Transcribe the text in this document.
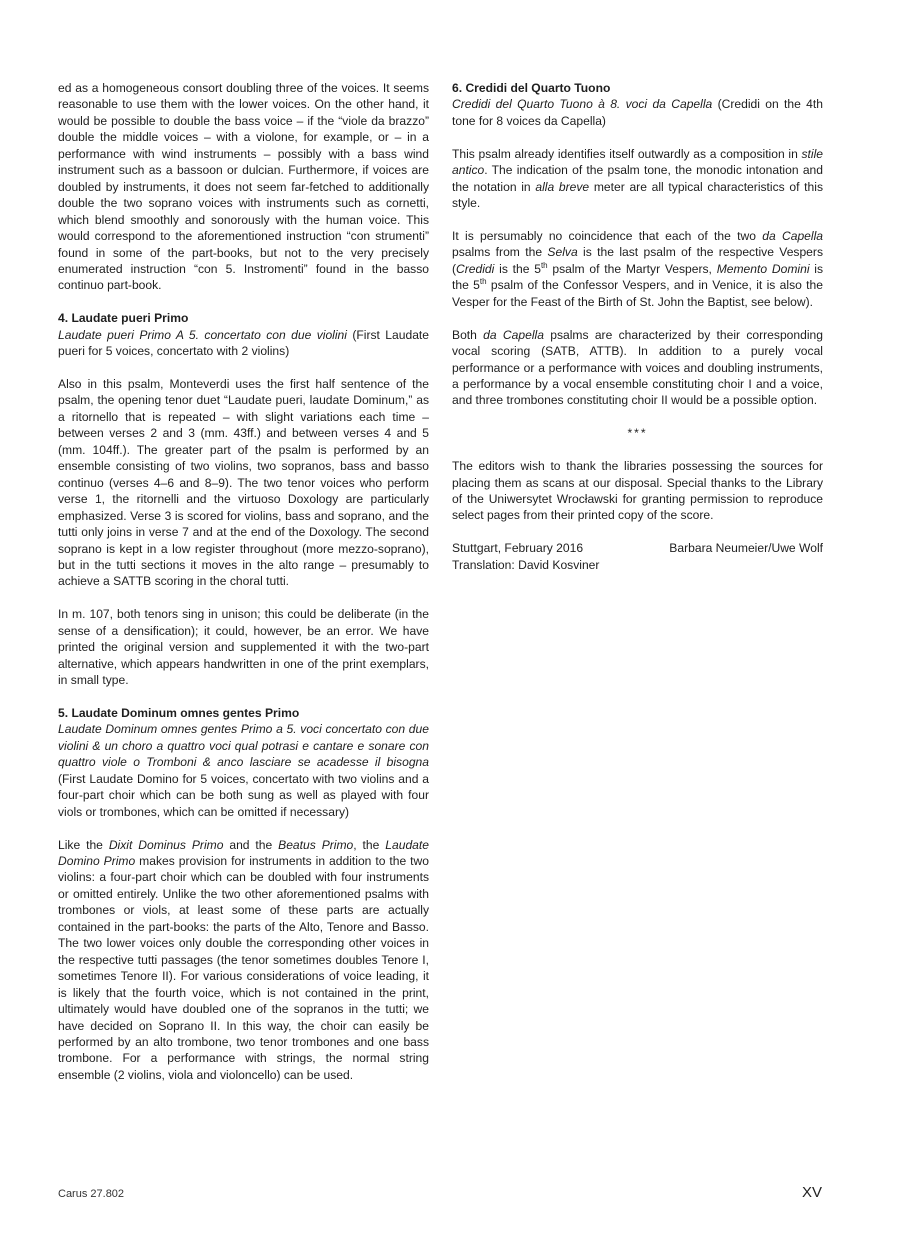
ed as a homogeneous consort doubling three of the voices. It seems reasonable to use them with the lower voices. On the other hand, it would be possible to double the bass voice – if the “viole da brazzo” double the middle voices – with a violone, for example, or – in a performance with wind instruments – possibly with a bass wind instrument such as a bassoon or dulcian. Furthermore, if voices are doubled by instruments, it does not seem far-fetched to additionally double the two soprano voices with instruments such as cornetti, which blend smoothly and sonorously with the human voice. This would correspond to the aforementioned instruction “con strumenti” found in some of the part-books, but not to the very precisely enumerated instruction “con 5. Instromenti” found in the basso continuo part-book.

4. Laudate pueri Primo
Laudate pueri Primo A 5. concertato con due violini (First Laudate pueri for 5 voices, concertato with 2 violins)

Also in this psalm, Monteverdi uses the first half sentence of the psalm, the opening tenor duet “Laudate pueri, laudate Dominum,” as a ritornello that is repeated – with slight variations each time – between verses 2 and 3 (mm. 43ff.) and between verses 4 and 5 (mm. 104ff.). The greater part of the psalm is performed by an ensemble consisting of two violins, two sopranos, bass and basso continuo (verses 4–6 and 8–9). The two tenor voices who perform verse 1, the ritornelli and the virtuoso Doxology are particularly emphasized. Verse 3 is scored for violins, bass and soprano, and the tutti only joins in verse 7 and at the end of the Doxology. The second soprano is kept in a low register throughout (more mezzo-soprano), but in the tutti sections it moves in the alto range – presumably to achieve a SATTB scoring in the choral tutti.

In m. 107, both tenors sing in unison; this could be deliberate (in the sense of a densification); it could, however, be an error. We have printed the original version and supplemented it with the two-part alternative, which appears handwritten in one of the print exemplars, in small type.

5. Laudate Dominum omnes gentes Primo
Laudate Dominum omnes gentes Primo a 5. voci concertato con due violini & un choro a quattro voci qual potrasi e cantare e sonare con quattro viole o Tromboni & anco lasciare se acadesse il bisogna (First Laudate Domino for 5 voices, concertato with two violins and a four-part choir which can be both sung as well as played with four viols or trombones, which can be omitted if necessary)

Like the Dixit Dominus Primo and the Beatus Primo, the Laudate Domino Primo makes provision for instruments in addition to the two violins: a four-part choir which can be doubled with four instruments or omitted entirely. Unlike the two other aforementioned psalms with trombones or viols, at least some of these parts are actually contained in the part-books: the parts of the Alto, Tenore and Basso. The two lower voices only double the corresponding other voices in the respective tutti passages (the tenor sometimes doubles Tenore I, sometimes Tenore II). For various considerations of voice leading, it is likely that the fourth voice, which is not contained in the print, ultimately would have doubled one of the sopranos in the tutti; we have decided on Soprano II. In this way, the choir can easily be performed by an alto trombone, two tenor trombones and one bass trombone. For a performance with strings, the normal string ensemble (2 violins, viola and violoncello) can be used.

6. Credidi del Quarto Tuono
Credidi del Quarto Tuono à 8. voci da Capella (Credidi on the 4th tone for 8 voices da Capella)

This psalm already identifies itself outwardly as a composition in stile antico. The indication of the psalm tone, the monodic intonation and the notation in alla breve meter are all typical characteristics of this style.

It is persumably no coincidence that each of the two da Capella psalms from the Selva is the last psalm of the respective Vespers (Credidi is the 5th psalm of the Martyr Vespers, Memento Domini is the 5th psalm of the Confessor Vespers, and in Venice, it is also the Vesper for the Feast of the Birth of St. John the Baptist, see below).

Both da Capella psalms are characterized by their corresponding vocal scoring (SATB, ATTB). In addition to a purely vocal performance or a performance with voices and doubling instruments, a performance by a vocal ensemble constituting choir I and a voice, and three trombones constituting choir II would be a possible option.

***

The editors wish to thank the libraries possessing the sources for placing them as scans at our disposal. Special thanks to the Library of the Uniwersytet Wrocławski for granting permission to reproduce select pages from their printed copy of the score.

Stuttgart, February 2016	Barbara Neumeier/Uwe Wolf
Translation: David Kosviner
Carus 27.802	XV
